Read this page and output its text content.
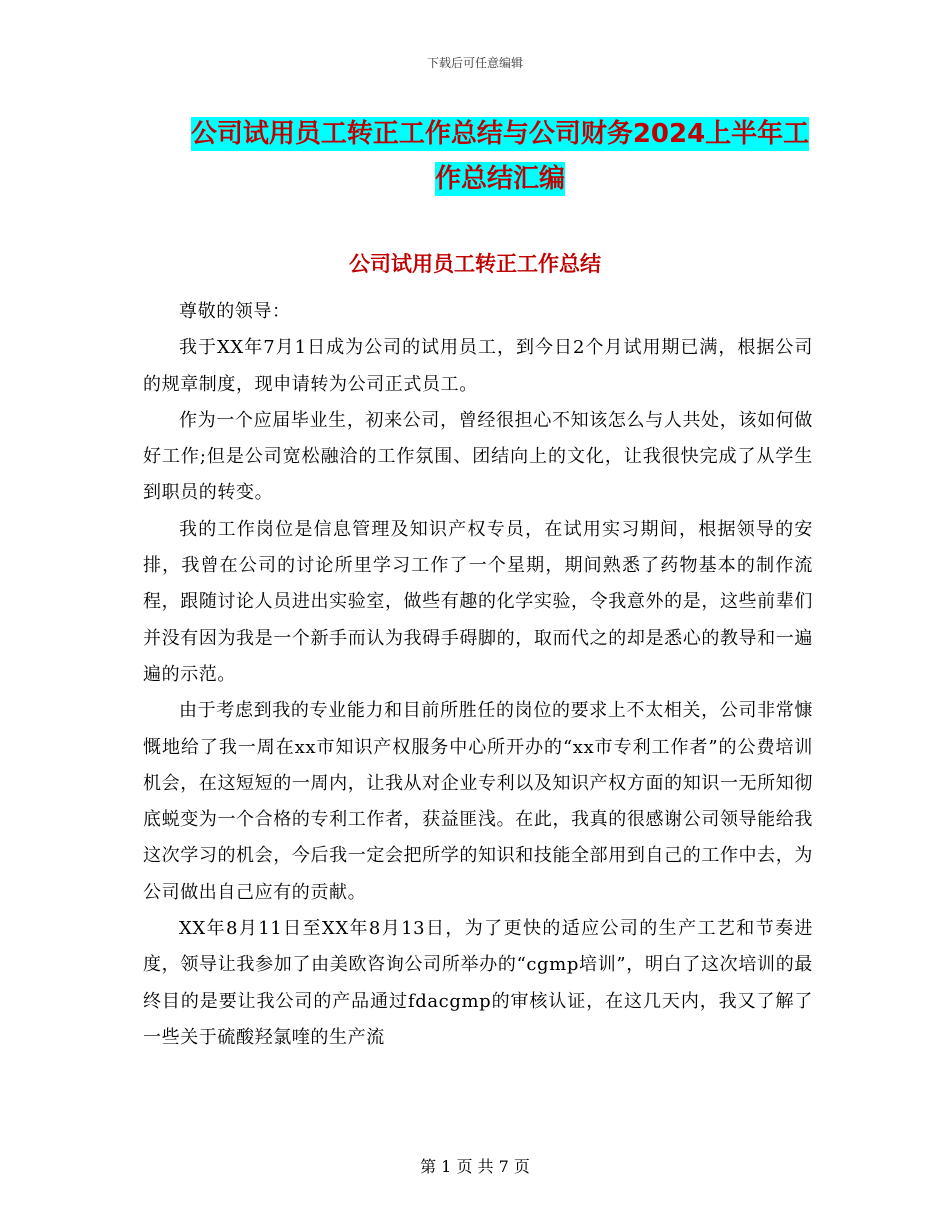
下载后可任意编辑
公司试用员工转正工作总结与公司财务2024上半年工
作总结汇编
公司试用员工转正工作总结

尊敬的领导：

我于XX年7月1日成为公司的试用员工，到今日2个月试用期已满，根据公司的规章制度，现申请转为公司正式员工。

作为一个应届毕业生，初来公司，曾经很担心不知该怎么与人共处，该如何做好工作;但是公司宽松融洽的工作氛围、团结向上的文化，让我很快完成了从学生到职员的转变。

我的工作岗位是信息管理及知识产权专员，在试用实习期间，根据领导的安排，我曾在公司的讨论所里学习工作了一个星期，期间熟悉了药物基本的制作流程，跟随讨论人员进出实验室，做些有趣的化学实验，令我意外的是，这些前辈们并没有因为我是一个新手而认为我碍手碍脚的，取而代之的却是悉心的教导和一遍遍的示范。

由于考虑到我的专业能力和目前所胜任的岗位的要求上不太相关，公司非常慷慨地给了我一周在xx市知识产权服务中心所开办的“xx市专利工作者”的公费培训机会，在这短短的一周内，让我从对企业专利以及知识产权方面的知识一无所知彻底蜕变为一个合格的专利工作者，获益匪浅。在此，我真的很感谢公司领导能给我这次学习的机会，今后我一定会把所学的知识和技能全部用到自己的工作中去，为公司做出自己应有的贡献。

XX年8月11日至XX年8月13日，为了更快的适应公司的生产工艺和节奏进度，领导让我参加了由美欧咨询公司所举办的“cgmp培训”，明白了这次培训的最终目的是要让我公司的产品通过fdacgmp的审核认证，在这几天内，我又了解了一些关于硫酸羟氯喹的生产流

第 1 页 共 7 页
